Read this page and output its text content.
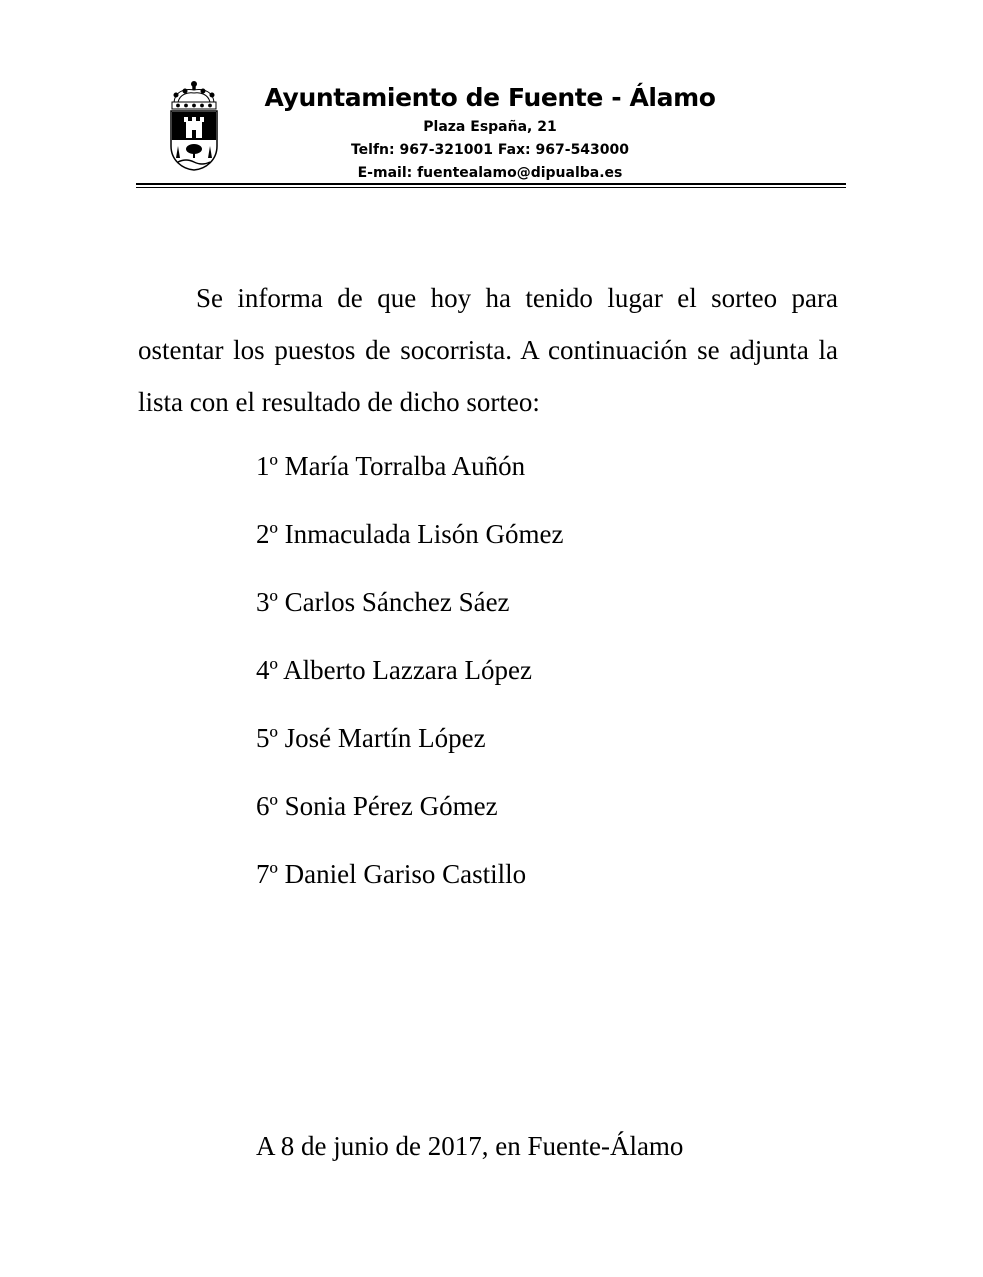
Ayuntamiento de Fuente - Álamo
Plaza España, 21
Telfn: 967-321001 Fax: 967-543000
E-mail: fuentealamo@dipualba.es

Se informa de que hoy ha tenido lugar el sorteo para ostentar los puestos de socorrista. A continuación se adjunta la lista con el resultado de dicho sorteo:

1º María Torralba Auñón
2º Inmaculada Lisón Gómez
3º Carlos Sánchez Sáez
4º Alberto Lazzara López
5º José Martín López
6º Sonia Pérez Gómez
7º Daniel Gariso Castillo
A 8 de junio de 2017, en Fuente-Álamo
